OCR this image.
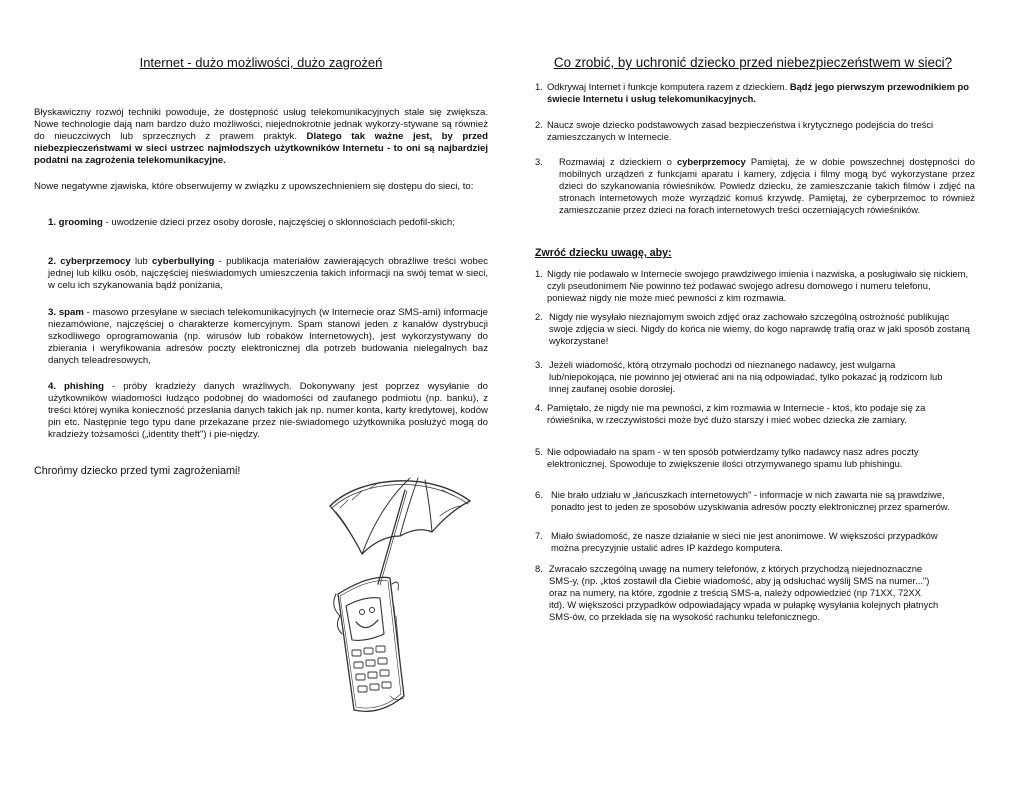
Internet - dużo możliwości, dużo zagrożeń
Błyskawiczny rozwój techniki powoduje, że dostępność usług telekomunikacyjnych stale się zwiększa. Nowe technologie dają nam bardzo dużo możliwości, niejednokrotnie jednak wykorzy-stywane są również do nieuczciwych lub sprzecznych z prawem praktyk. Dlatego tak ważne jest, by przed niebezpieczeństwami w sieci ustrzec najmłodszych użytkowników Internetu - to oni są najbardziej podatni na zagrożenia telekomunikacyjne.
Nowe negatywne zjawiska, które obserwujemy w związku z upowszechnieniem się dostępu do sieci, to:
1. grooming - uwodzenie dzieci przez osoby dorosłe, najczęściej o skłonnościach pedofil-skich;
2. cyberprzemocy lub cyberbullying - publikacja materiałów zawierających obraźliwe treści wobec jednej lub kilku osób, najczęściej nieświadomych umieszczenia takich informacji na swój temat w sieci, w celu ich szykanowania bądź poniżania,
3. spam - masowo przesyłane w sieciach telekomunikacyjnych (w Internecie oraz SMS-ami) informacje niezamówione, najczęściej o charakterze komercyjnym. Spam stanowi jeden z kanałów dystrybucji szkodliwego oprogramowania (np. wirusów lub robaków Internetowych), jest wykorzystywany do zbierania i weryfikowania adresów poczty elektronicznej dla potrzeb budowania nielegalnych baz danych teleadresowych,
4. phishing - próby kradzieży danych wrażliwych. Dokonywany jest poprzez wysyłanie do użytkowników wiadomości łudząco podobnej do wiadomości od zaufanego podmiotu (np. banku), z treści której wynika konieczność przesłania danych takich jak np. numer konta, karty kredytowej, kodów pin etc. Następnie tego typu dane przekazane przez nie-świadomego użytkownika posłużyć mogą do kradzieży tożsamości („identity theft") i pie-niędzy.
Chrońmy dziecko przed tymi zagrożeniami!
Co zrobić, by uchronić dziecko przed niebezpieczeństwem w sieci?
1. Odkrywaj Internet i funkcje komputera razem z dzieckiem. Bądź jego pierwszym przewodnikiem po świecie Internetu i usług telekomunikacyjnych.
2. Naucz swoje dziecko podstawowych zasad bezpieczeństwa i krytycznego podejścia do treści zamieszczanych w Internecie.
3.	Rozmawiaj z dzieckiem o cyberprzemocy Pamiętaj, że w dobie powszechnej dostępności do mobilnych urządzeń z funkcjami aparatu i kamery, zdjęcia i filmy mogą być wykorzystane przez dzieci do szykanowania rówieśników. Powiedz dziecku, że zamieszczanie takich filmów i zdjęć na stronach internetowych może wyrządzić komuś krzywdę. Pamiętaj, że cyberprzemoc to również zamieszczanie przez dzieci na forach internetowych treści oczerniających rówieśników.
Zwróć dziecku uwagę, aby:
1. Nigdy nie podawało w Internecie swojego prawdziwego imienia i nazwiska, a posługiwało się nickiem, czyli pseudonimem Nie powinno też podawać swojego adresu domowego i numeru telefonu, ponieważ nigdy nie może mieć pewności z kim rozmawia.
2. Nigdy nie wysyłało nieznajomym swoich zdjęć oraz zachowało szczególną ostrożność publikując swoje zdjęcia w sieci. Nigdy do końca nie wiemy, do kogo naprawdę trafią oraz w jaki sposób zostaną wykorzystane!
3. Jeżeli wiadomość, którą otrzymało pochodzi od nieznanego nadawcy, jest wulgarna lub/niepokojąca, nie powinno jej otwierać ani na nią odpowiadać, tylko pokazać ją rodzicom lub innej zaufanej osobie dorosłej.
4. Pamiętało, że nigdy nie ma pewności, z kim rozmawia w Internecie - ktoś, kto podaje się za
rówieśnika, w rzeczywistości może być dużo starszy i mieć wobec dziecka złe zamiary.
5. Nie odpowiadało na spam - w ten sposób potwierdzamy tylko nadawcy nasz adres poczty
elektronicznej. Spowoduje to zwiększenie ilości otrzymywanego spamu lub phishingu.
6. Nie brało udziału w „łańcuszkach internetowych" - informacje w nich zawarta nie są prawdziwe, ponadto jest to jeden ze sposobów uzyskiwania adresów poczty elektronicznej przez spamerów.
7. Miało świadomość, że nasze działanie w sieci nie jest anonimowe. W większości przypadków można precyzyjnie ustalić adres IP każdego komputera.
8. Zwracało szczególną uwagę na numery telefonów, z których przychodzą niejednoznaczne
SMS-y, (np. „ktoś zostawił dla Ciebie wiadomość, aby ją odsłuchać wyślij SMS na numer...")
oraz na numery, na które, zgodnie z treścią SMS-a, należy odpowiedzieć (np 71XX, 72XX
itd). W większości przypadków odpowiadający wpada w pułapkę wysyłania kolejnych płatnych SMS-ów, co przekłada się na wysokość rachunku telefonicznego.
